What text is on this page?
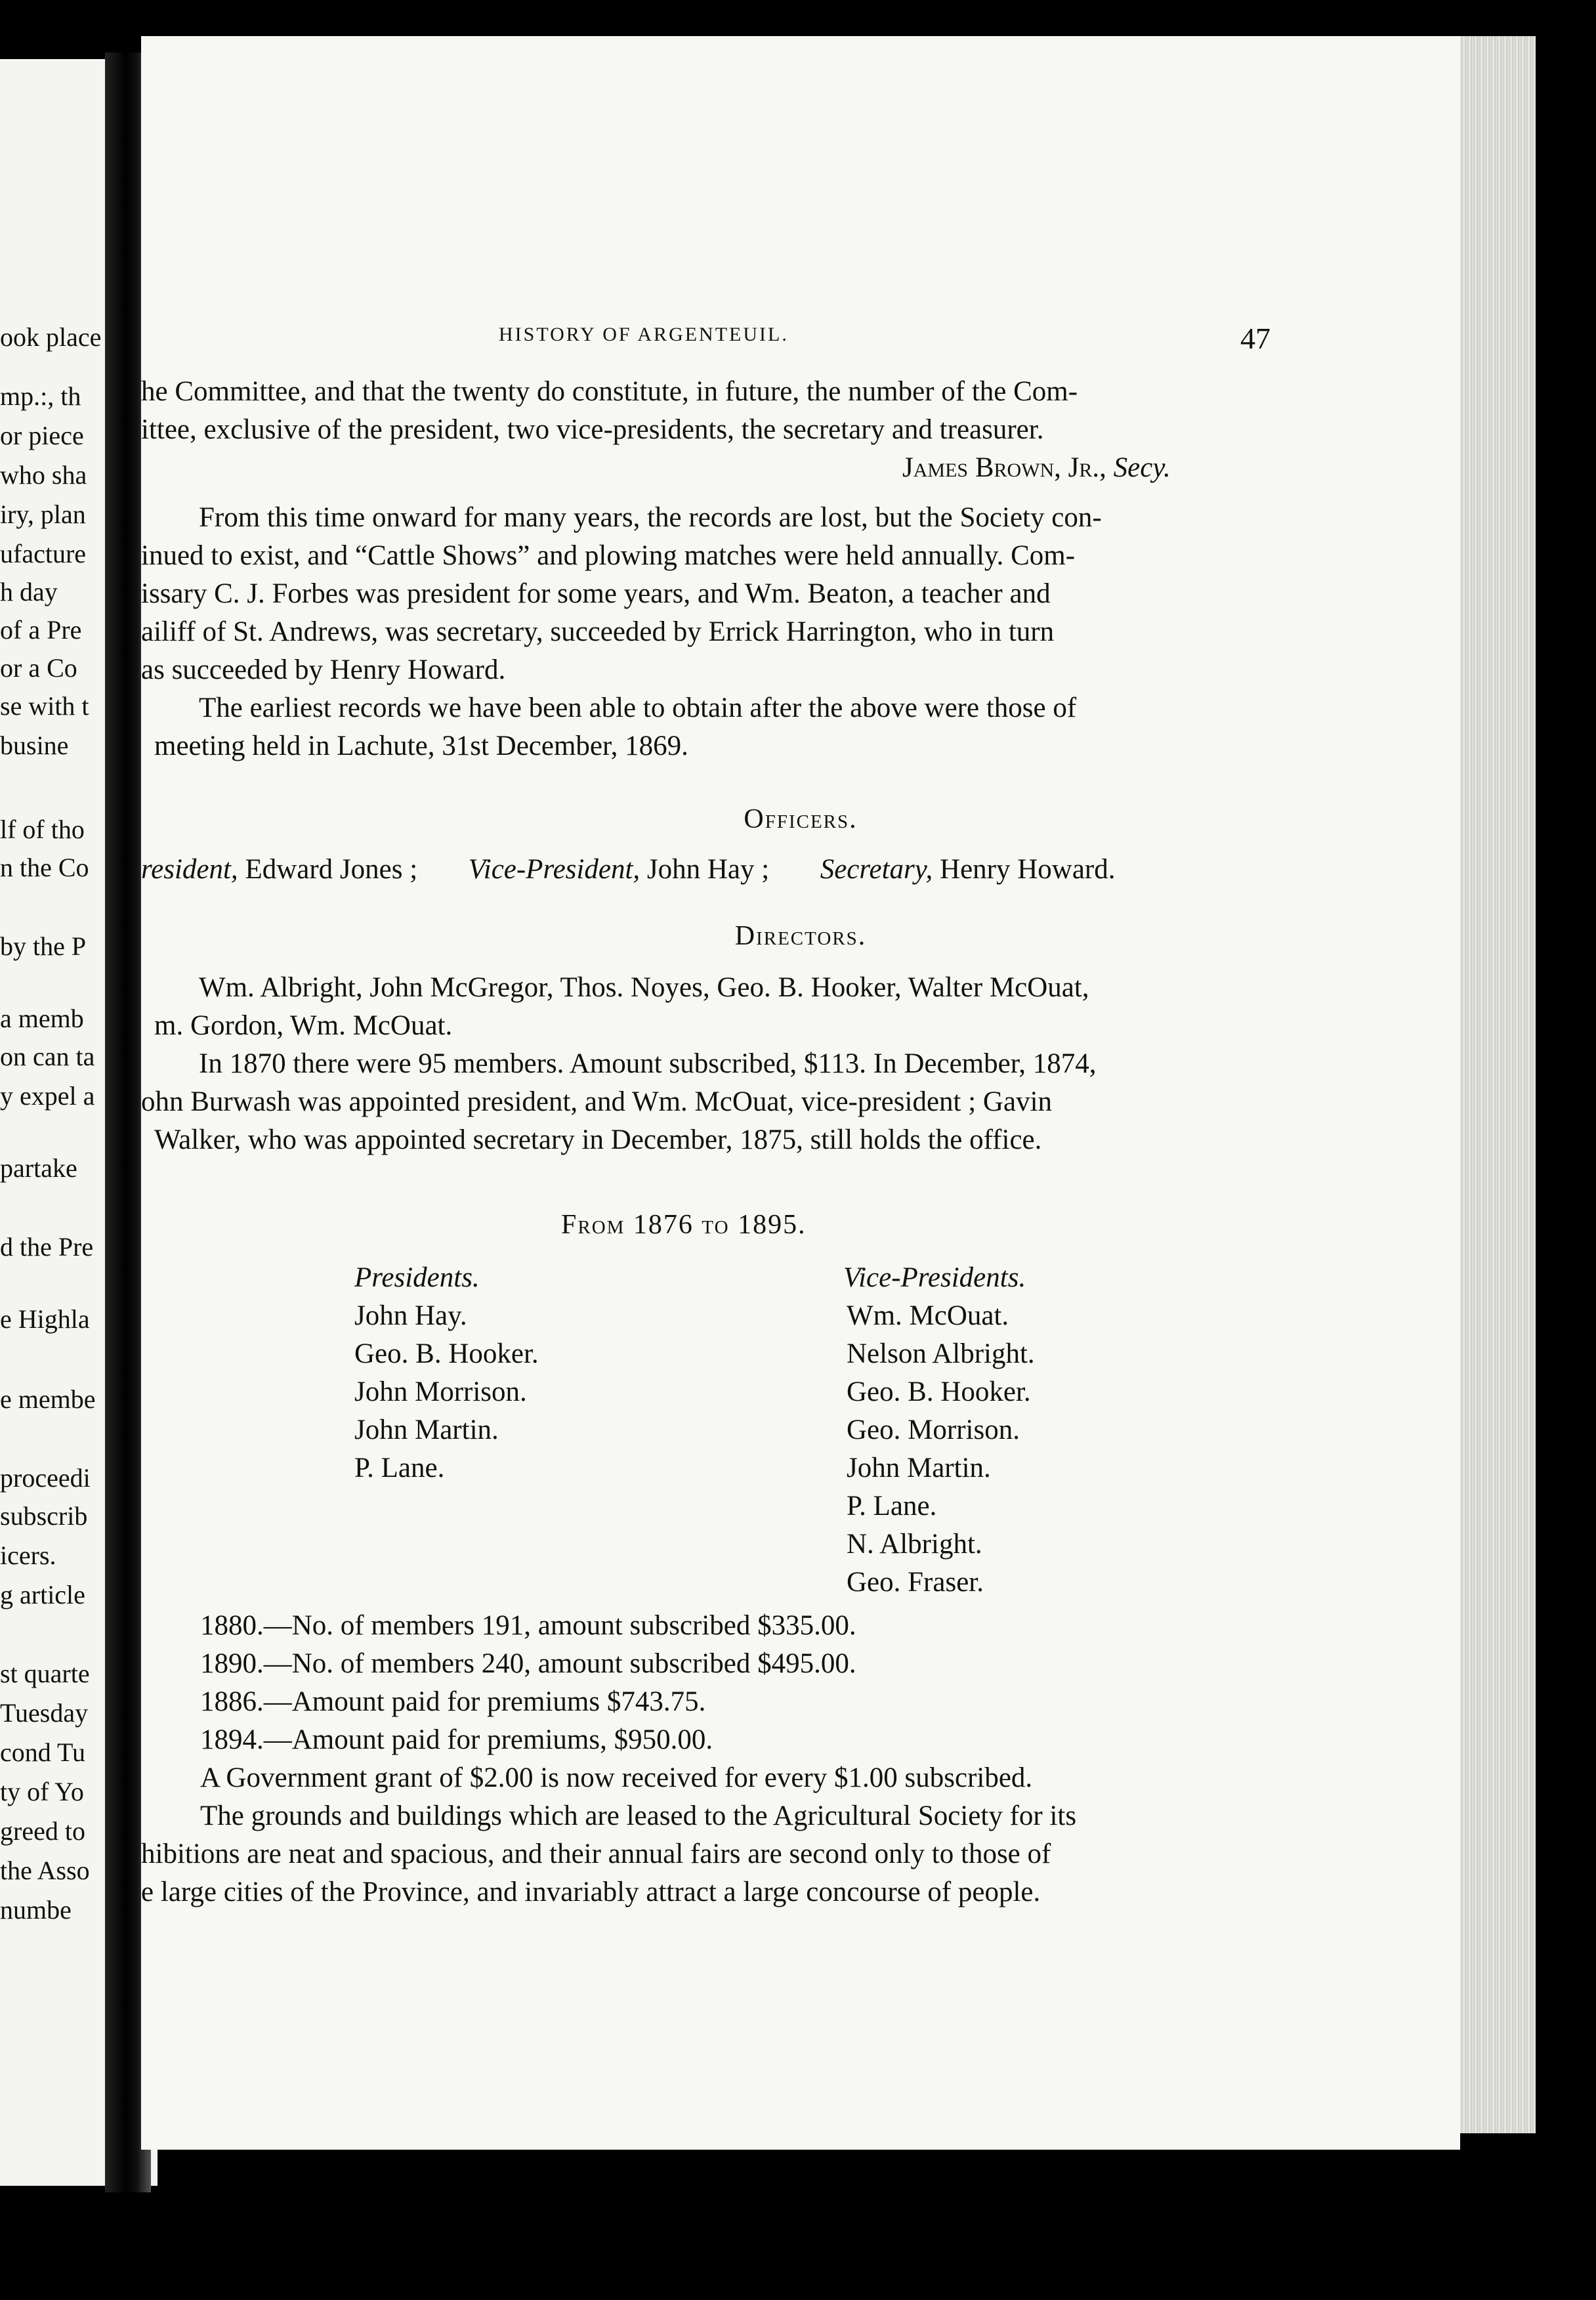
ook place
mp.:, th
or piece
who sha
iry, plan
ufacture
h day
of a Pre
or a Co
se with t
busine
lf of tho
n the Co
by the P
a memb
on can ta
y expel a
partake
d the Pre
e Highla
e membe
proceedi
subscrib
icers.
g article
st quarte
Tuesday
cond Tu
ty of Yo
greed to
the Asso
numbe
HISTORY OF ARGENTEUIL.	47
he Committee, and that the twenty do constitute, in future, the number of the Com-
ittee, exclusive of the president, two vice-presidents, the secretary and treasurer.
James Brown, Jr., Secy.
From this time onward for many years, the records are lost, but the Society con-
inued to exist, and “Cattle Shows” and plowing matches were held annually. Com-
issary C. J. Forbes was president for some years, and Wm. Beaton, a teacher and
ailiff of St. Andrews, was secretary, succeeded by Errick Harrington, who in turn
as succeeded by Henry Howard.
The earliest records we have been able to obtain after the above were those of
meeting held in Lachute, 31st December, 1869.
Officers.
resident, Edward Jones ; Vice-President, John Hay ; Secretary, Henry Howard.
Directors.
Wm. Albright, John McGregor, Thos. Noyes, Geo. B. Hooker, Walter McOuat,
m. Gordon, Wm. McOuat.
In 1870 there were 95 members. Amount subscribed, $113. In December, 1874,
ohn Burwash was appointed president, and Wm. McOuat, vice-president ; Gavin
Walker, who was appointed secretary in December, 1875, still holds the office.
From 1876 to 1895.
Presidents.	Vice-Presidents.
John Hay.
Geo. B. Hooker.
John Morrison.
John Martin.
P. Lane.
Wm. McOuat.
Nelson Albright.
Geo. B. Hooker.
Geo. Morrison.
John Martin.
P. Lane.
N. Albright.
Geo. Fraser.
1880.—No. of members 191, amount subscribed $335.00.
1890.—No. of members 240, amount subscribed $495.00.
1886.—Amount paid for premiums $743.75.
1894.—Amount paid for premiums, $950.00.
A Government grant of $2.00 is now received for every $1.00 subscribed.
The grounds and buildings which are leased to the Agricultural Society for its
hibitions are neat and spacious, and their annual fairs are second only to those of
e large cities of the Province, and invariably attract a large concourse of people.
